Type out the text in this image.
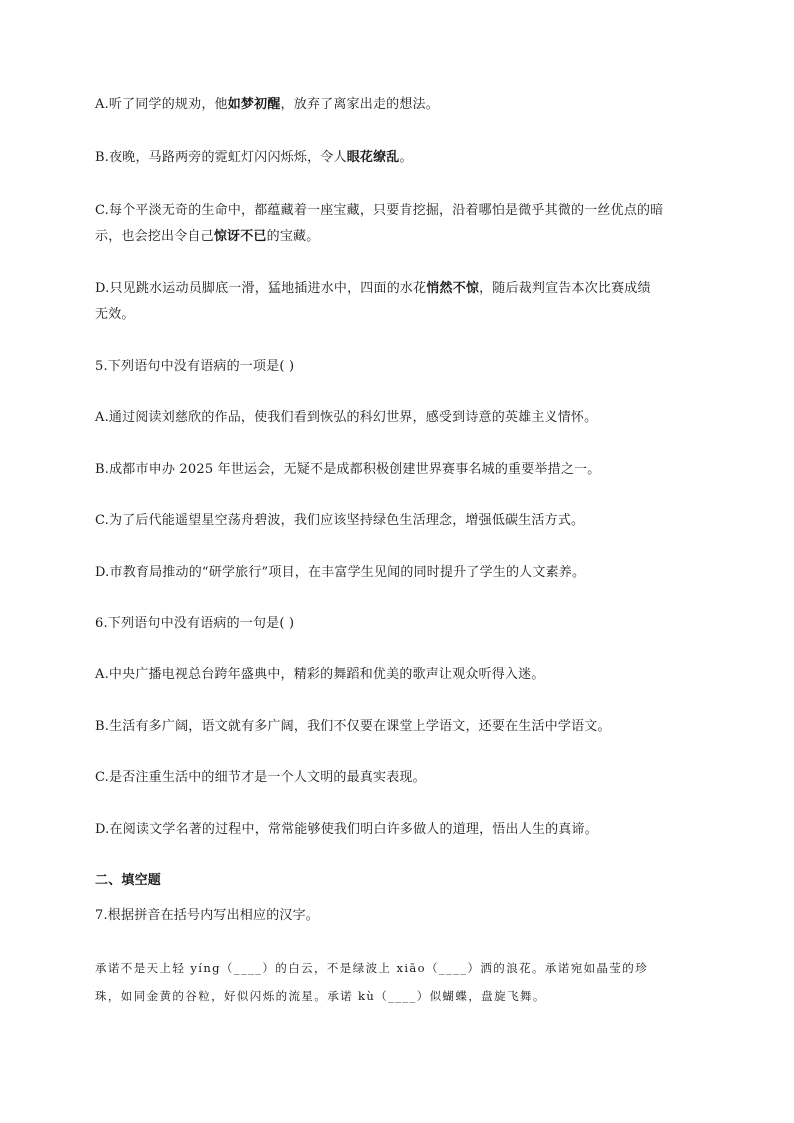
A.听了同学的规劝，他如梦初醒，放弃了离家出走的想法。
B.夜晚，马路两旁的霓虹灯闪闪烁烁，令人眼花缭乱。
C.每个平淡无奇的生命中，都蕴藏着一座宝藏，只要肯挖掘，沿着哪怕是微乎其微的一丝优点的暗
示，也会挖出令自己惊讶不已的宝藏。
D.只见跳水运动员脚底一滑，猛地插进水中，四面的水花悄然不惊，随后裁判宣告本次比赛成绩
无效。
5.下列语句中没有语病的一项是( )
A.通过阅读刘慈欣的作品，使我们看到恢弘的科幻世界，感受到诗意的英雄主义情怀。
B.成都市申办 2025 年世运会，无疑不是成都积极创建世界赛事名城的重要举措之一。
C.为了后代能遥望星空荡舟碧波，我们应该坚持绿色生活理念，增强低碳生活方式。
D.市教育局推动的“研学旅行”项目，在丰富学生见闻的同时提升了学生的人文素养。
6.下列语句中没有语病的一句是( )
A.中央广播电视总台跨年盛典中，精彩的舞蹈和优美的歌声让观众听得入迷。
B.生活有多广阔，语文就有多广阔，我们不仅要在课堂上学语文，还要在生活中学语文。
C.是否注重生活中的细节才是一个人文明的最真实表现。
D.在阅读文学名著的过程中，常常能够使我们明白许多做人的道理，悟出人生的真谛。
二、填空题
7.根据拼音在括号内写出相应的汉字。
承诺不是天上轻 yíng（____）的白云，不是绿波上 xiāo（____）洒的浪花。承诺宛如晶莹的珍
珠，如同金黄的谷粒，好似闪烁的流星。承诺 kù（____）似蝴蝶，盘旋飞舞。
